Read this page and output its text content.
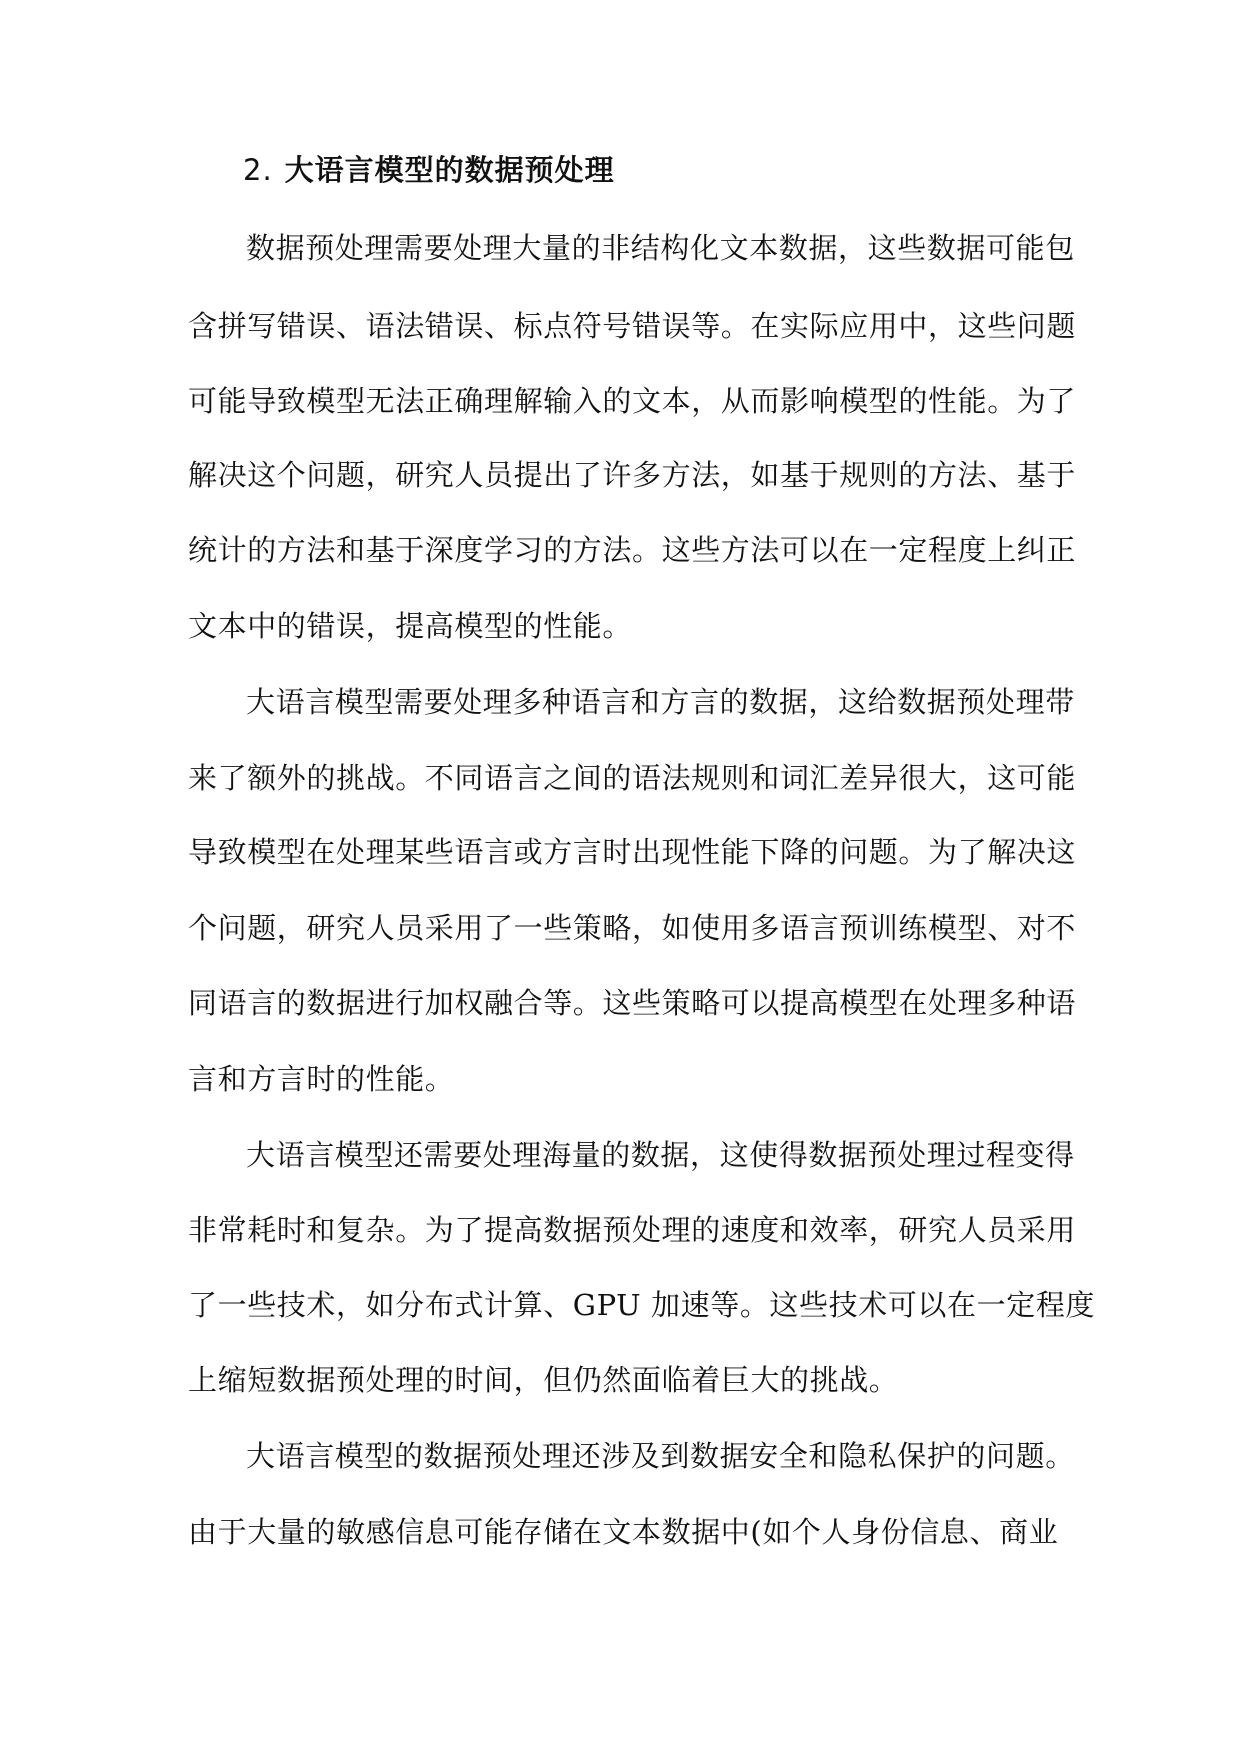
2. 大语言模型的数据预处理
数据预处理需要处理大量的非结构化文本数据，这些数据可能包
含拼写错误、语法错误、标点符号错误等。在实际应用中，这些问题
可能导致模型无法正确理解输入的文本，从而影响模型的性能。为了
解决这个问题，研究人员提出了许多方法，如基于规则的方法、基于
统计的方法和基于深度学习的方法。这些方法可以在一定程度上纠正
文本中的错误，提高模型的性能。
大语言模型需要处理多种语言和方言的数据，这给数据预处理带
来了额外的挑战。不同语言之间的语法规则和词汇差异很大，这可能
导致模型在处理某些语言或方言时出现性能下降的问题。为了解决这
个问题，研究人员采用了一些策略，如使用多语言预训练模型、对不
同语言的数据进行加权融合等。这些策略可以提高模型在处理多种语
言和方言时的性能。
大语言模型还需要处理海量的数据，这使得数据预处理过程变得
非常耗时和复杂。为了提高数据预处理的速度和效率，研究人员采用
了一些技术，如分布式计算、GPU 加速等。这些技术可以在一定程度
上缩短数据预处理的时间，但仍然面临着巨大的挑战。
大语言模型的数据预处理还涉及到数据安全和隐私保护的问题。
由于大量的敏感信息可能存储在文本数据中(如个人身份信息、商业
